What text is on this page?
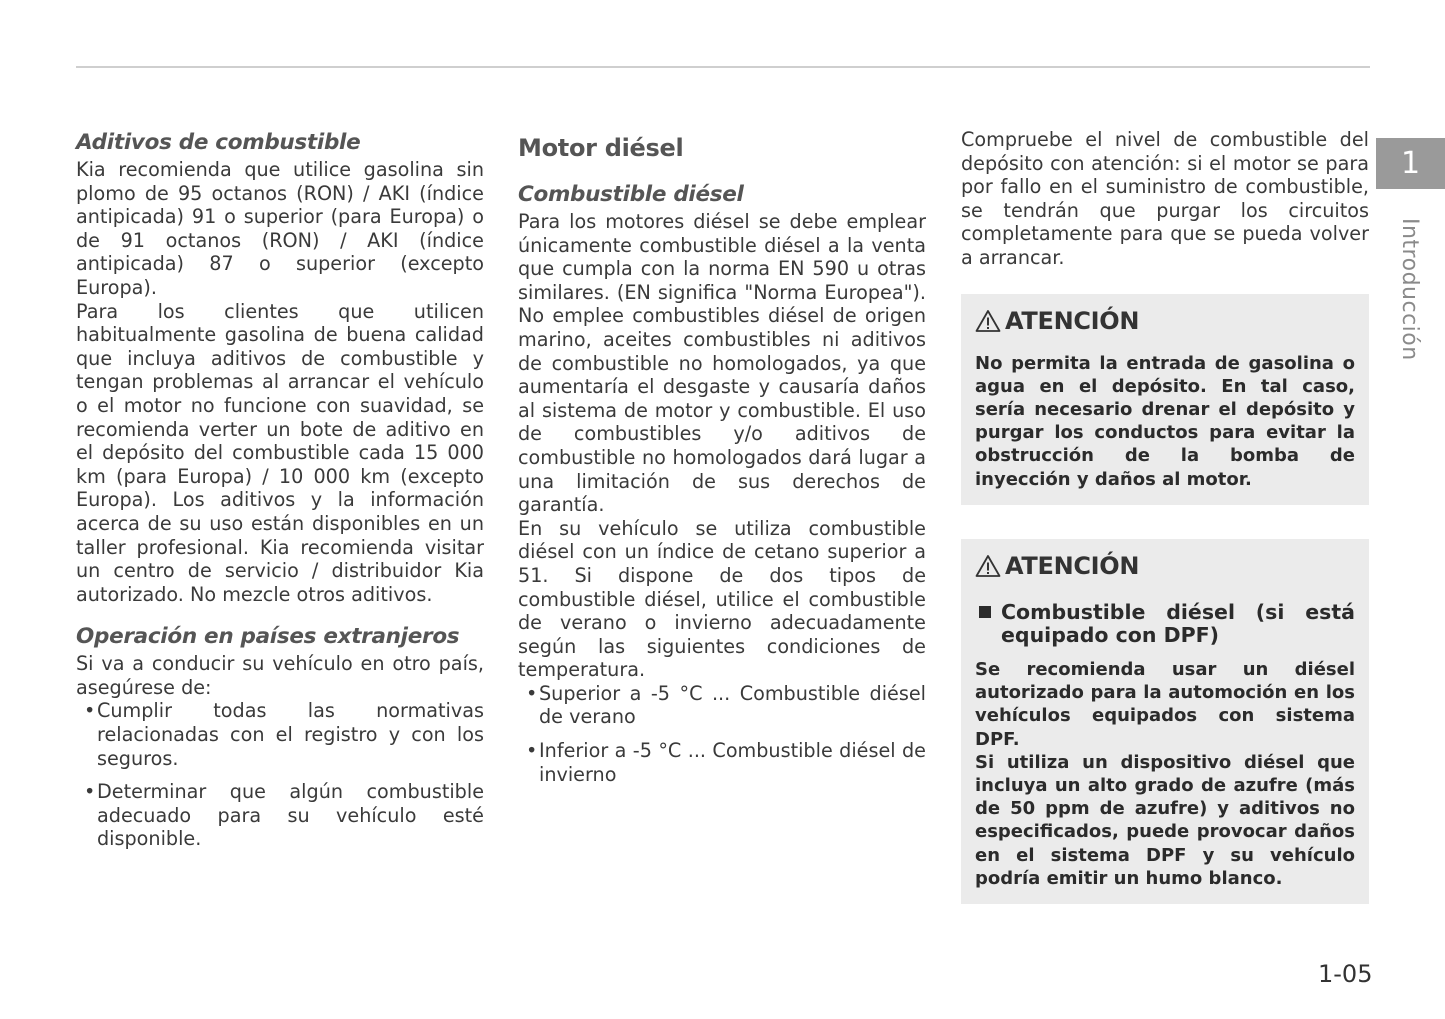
Aditivos de combustible

Kia recomienda que utilice gasolina sin plomo de 95 octanos (RON) / AKI (índice antipicada) 91 o superior (para Europa) o de 91 octanos (RON) / AKI (índice antipicada) 87 o superior (excepto Europa).

Para los clientes que utilicen habitualmente gasolina de buena calidad que incluya aditivos de combustible y tengan problemas al arrancar el vehículo o el motor no funcione con suavidad, se recomienda verter un bote de aditivo en el depósito del combustible cada 15 000 km (para Europa) / 10 000 km (excepto Europa). Los aditivos y la información acerca de su uso están disponibles en un taller profesional. Kia recomienda visitar un centro de servicio / distribuidor Kia autorizado. No mezcle otros aditivos.

Operación en países extranjeros

Si va a conducir su vehículo en otro país, asegúrese de:

• Cumplir todas las normativas relacionadas con el registro y con los seguros.
• Determinar que algún combustible adecuado para su vehículo esté disponible.
Motor diésel
Combustible diésel

Para los motores diésel se debe emplear únicamente combustible diésel a la venta que cumpla con la norma EN 590 u otras similares. (EN significa "Norma Europea"). No emplee combustibles diésel de origen marino, aceites combustibles ni aditivos de combustible no homologados, ya que aumentaría el desgaste y causaría daños al sistema de motor y combustible. El uso de combustibles y/o aditivos de combustible no homologados dará lugar a una limitación de sus derechos de garantía.

En su vehículo se utiliza combustible diésel con un índice de cetano superior a 51. Si dispone de dos tipos de combustible diésel, utilice el combustible de verano o invierno adecuadamente según las siguientes condiciones de temperatura.

• Superior a -5 °C ... Combustible diésel de verano
• Inferior a -5 °C ... Combustible diésel de invierno

Compruebe el nivel de combustible del depósito con atención: si el motor se para por fallo en el suministro de combustible, se tendrán que purgar los circuitos completamente para que se pueda volver a arrancar.

ATENCIÓN

No permita la entrada de gasolina o agua en el depósito. En tal caso, sería necesario drenar el depósito y purgar los conductos para evitar la obstrucción de la bomba de inyección y daños al motor.

ATENCIÓN
Combustible diésel (si está equipado con DPF)

Se recomienda usar un diésel autorizado para la automoción en los vehículos equipados con sistema DPF.

Si utiliza un dispositivo diésel que incluya un alto grado de azufre (más de 50 ppm de azufre) y aditivos no especificados, puede provocar daños en el sistema DPF y su vehículo podría emitir un humo blanco.

1
Introducción
1-05
